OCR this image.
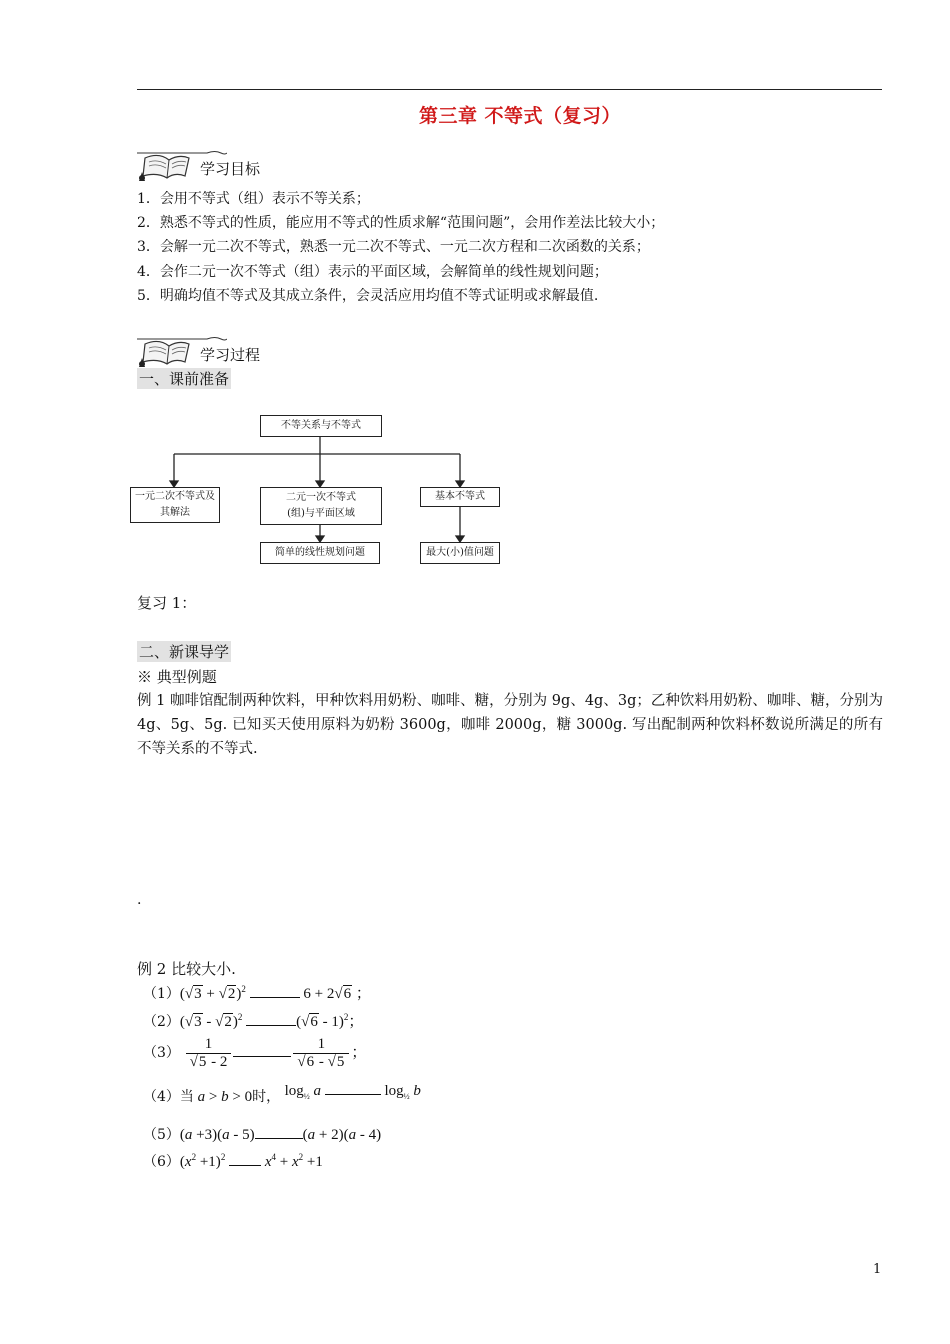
第三章 不等式（复习）
学习目标
1．会用不等式（组）表示不等关系；
2．熟悉不等式的性质，能应用不等式的性质求解“范围问题”，会用作差法比较大小；
3．会解一元二次不等式，熟悉一元二次不等式、一元二次方程和二次函数的关系；
4．会作二元一次不等式（组）表示的平面区域，会解简单的线性规划问题；
5．明确均值不等式及其成立条件，会灵活应用均值不等式证明或求解最值.
学习过程
一、课前准备
不等关系与不等式
一元二次不等式及其解法
二元一次不等式
(组)与平面区域
基本不等式
简单的线性规划问题	最大(小)值问题
复习 1：
二、新课导学
※ 典型例题
例 1 咖啡馆配制两种饮料，甲种饮料用奶粉、咖啡、糖，分别为 9g、4g、3g；乙种饮料用奶粉、咖啡、糖，分别为 4g、5g、5g. 已知买天使用原料为奶粉 3600g，咖啡 2000g，糖 3000g. 写出配制两种饮料杯数说所满足的所有不等关系的不等式.
.
例 2 比较大小.
$(1)(√3 + √2)^2$	6 + 2√6 ；
（2）(√3 - √2)$^2$	(√6 - 1)$^2$；
$(3) \frac{1}{√5 - 2}$	$\frac{1}{√6 - √5}$ ；
（4）当 a > b > 0时， $\log_{\frac{1}{2}} a$	$\log_{\frac{1}{2}} b$
（5）(a +3)(a - 5)	(a + 2)(a - 4)
$(6)(x^2 +1)^2$	$x^4 + x^2 +1$
1
